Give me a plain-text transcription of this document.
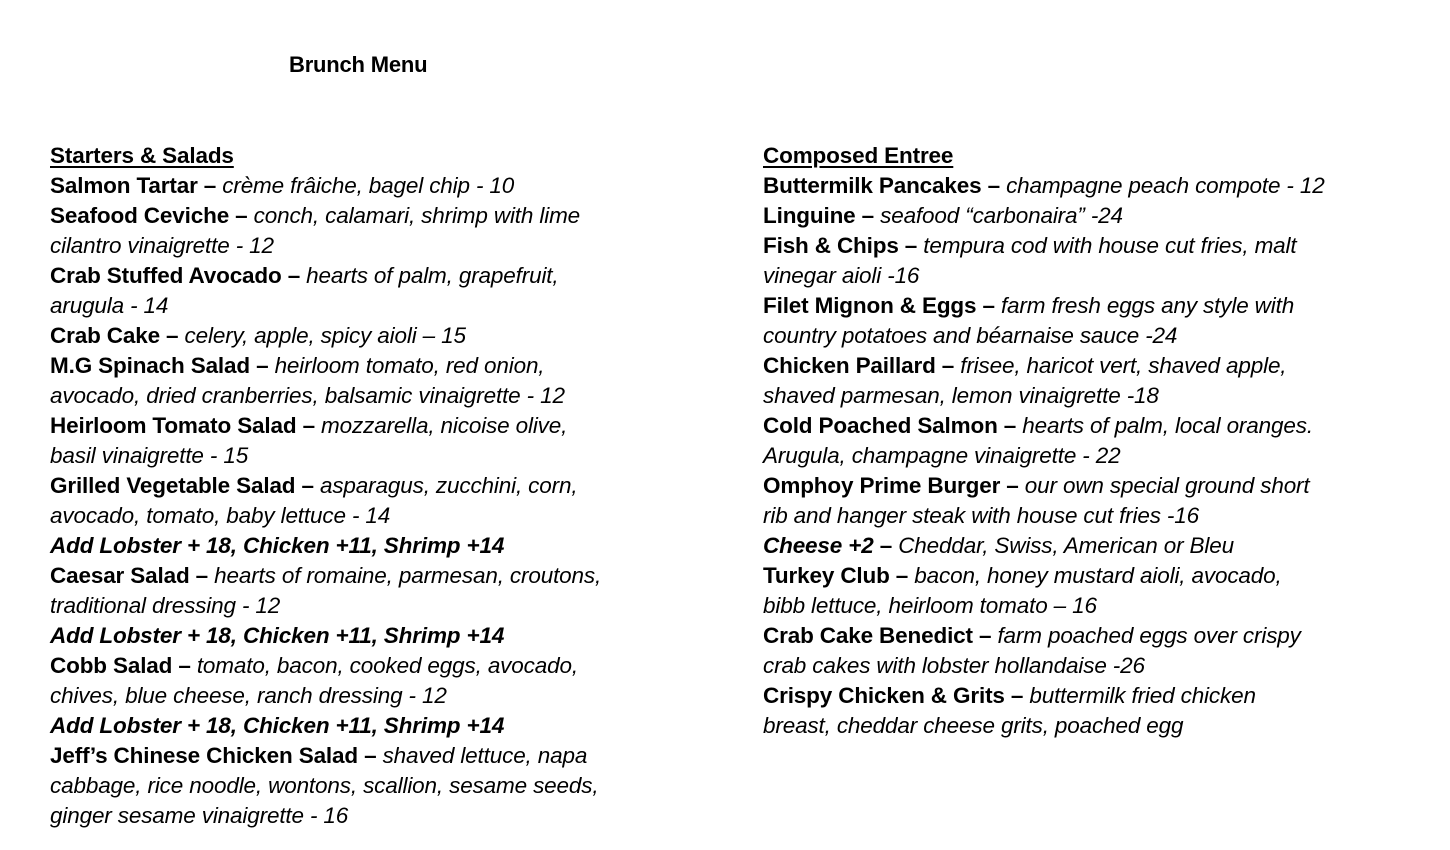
Brunch Menu
Starters & Salads
Salmon Tartar – crème frâiche, bagel chip - 10
Seafood Ceviche – conch, calamari, shrimp with lime
cilantro vinaigrette - 12
Crab Stuffed Avocado – hearts of palm, grapefruit,
arugula - 14
Crab Cake – celery, apple, spicy aioli – 15
M.G Spinach Salad – heirloom tomato, red onion,
avocado, dried cranberries, balsamic vinaigrette - 12
Heirloom Tomato Salad – mozzarella, nicoise olive,
basil vinaigrette - 15
Grilled Vegetable Salad – asparagus, zucchini, corn,
avocado, tomato, baby lettuce - 14
Add Lobster + 18, Chicken +11, Shrimp +14
Caesar Salad – hearts of romaine, parmesan, croutons,
traditional dressing - 12
Add Lobster + 18, Chicken +11, Shrimp +14
Cobb Salad – tomato, bacon, cooked eggs, avocado,
chives, blue cheese, ranch dressing - 12
Add Lobster + 18, Chicken +11, Shrimp +14
Jeff’s Chinese Chicken Salad – shaved lettuce, napa
cabbage, rice noodle, wontons, scallion, sesame seeds,
ginger sesame vinaigrette - 16
Composed Entree
Buttermilk Pancakes – champagne peach compote - 12
Linguine – seafood “carbonaira” -24
Fish & Chips – tempura cod with house cut fries, malt
vinegar aioli -16
Filet Mignon & Eggs – farm fresh eggs any style with
country potatoes and béarnaise sauce -24
Chicken Paillard – frisee, haricot vert, shaved apple,
shaved parmesan, lemon vinaigrette -18
Cold Poached Salmon – hearts of palm, local oranges.
Arugula, champagne vinaigrette - 22
Omphoy Prime Burger – our own special ground short
rib and hanger steak with house cut fries -16
Cheese +2 – Cheddar, Swiss, American or Bleu
Turkey Club – bacon, honey mustard aioli, avocado,
bibb lettuce, heirloom tomato – 16
Crab Cake Benedict – farm poached eggs over crispy
crab cakes with lobster hollandaise -26
Crispy Chicken & Grits – buttermilk fried chicken
breast, cheddar cheese grits, poached egg
